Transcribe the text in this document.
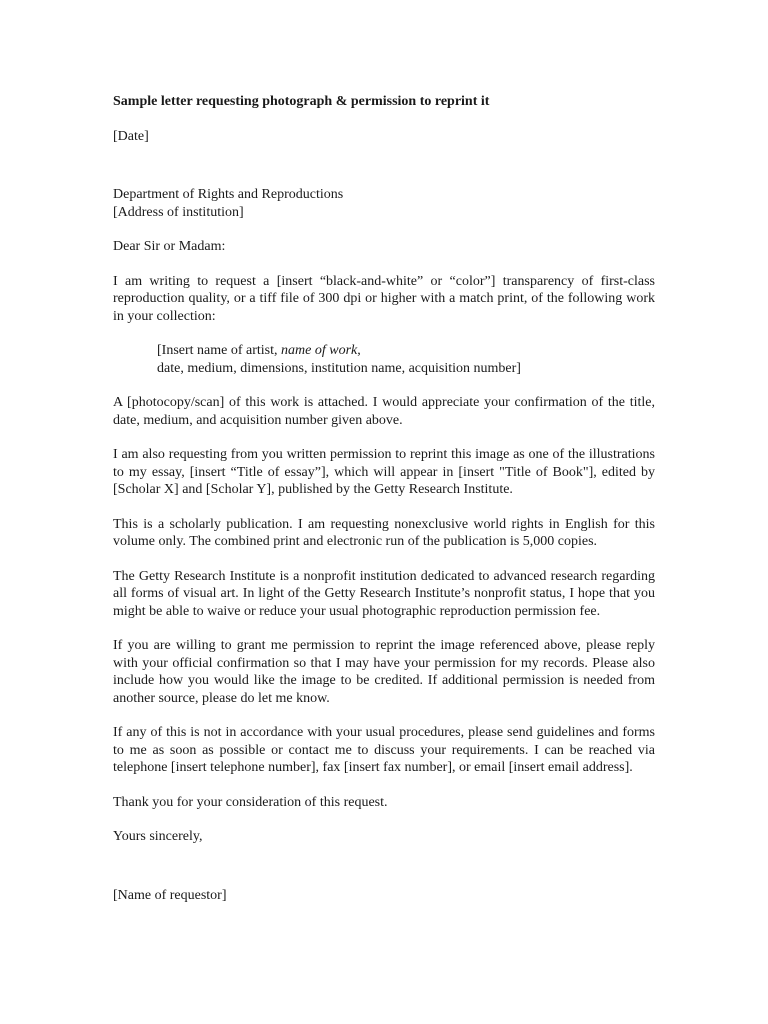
Sample letter requesting photograph & permission to reprint it

[Date]

Department of Rights and Reproductions
[Address of institution]

Dear Sir or Madam:

I am writing to request a [insert “black-and-white” or “color”] transparency of first-class reproduction quality, or a tiff file of 300 dpi or higher with a match print, of the following work in your collection:

[Insert name of artist, name of work,
date, medium, dimensions, institution name, acquisition number]

A [photocopy/scan] of this work is attached. I would appreciate your confirmation of the title, date, medium, and acquisition number given above.

I am also requesting from you written permission to reprint this image as one of the illustrations to my essay, [insert “Title of essay”], which will appear in [insert "Title of Book"], edited by [Scholar X] and [Scholar Y], published by the Getty Research Institute.

This is a scholarly publication. I am requesting nonexclusive world rights in English for this volume only. The combined print and electronic run of the publication is 5,000 copies.

The Getty Research Institute is a nonprofit institution dedicated to advanced research regarding all forms of visual art. In light of the Getty Research Institute’s nonprofit status, I hope that you might be able to waive or reduce your usual photographic reproduction permission fee.

If you are willing to grant me permission to reprint the image referenced above, please reply with your official confirmation so that I may have your permission for my records. Please also include how you would like the image to be credited. If additional permission is needed from another source, please do let me know.

If any of this is not in accordance with your usual procedures, please send guidelines and forms to me as soon as possible or contact me to discuss your requirements. I can be reached via telephone [insert telephone number], fax [insert fax number], or email [insert email address].

Thank you for your consideration of this request.

Yours sincerely,

[Name of requestor]
